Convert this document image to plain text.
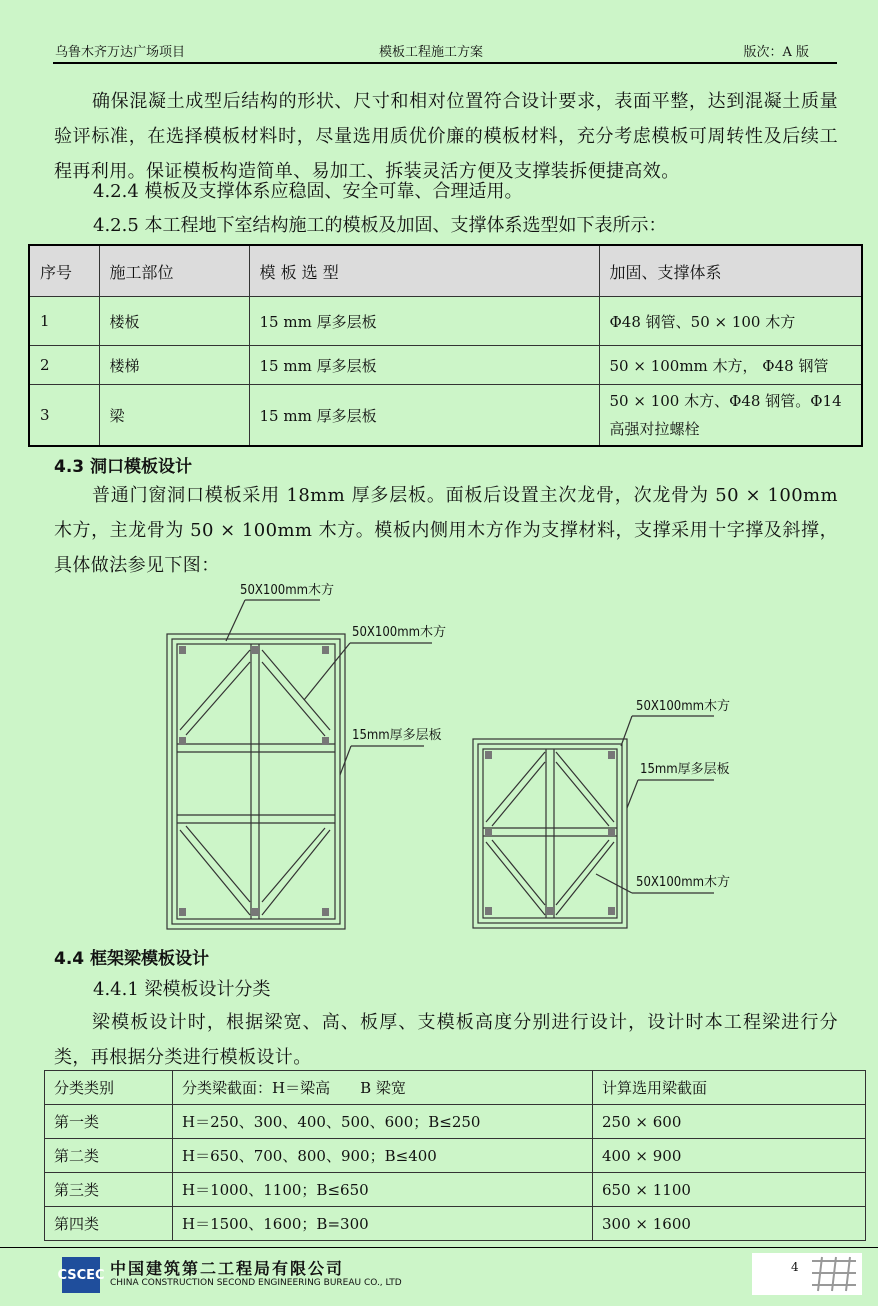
乌鲁木齐万达广场项目	模板工程施工方案	版次：A 版

确保混凝土成型后结构的形状、尺寸和相对位置符合设计要求，表面平整，达到混凝土质量验评标准，在选择模板材料时，尽量选用质优价廉的模板材料，充分考虑模板可周转性及后续工程再利用。保证模板构造简单、易加工、拆装灵活方便及支撑装拆便捷高效。

4.2.4 模板及支撑体系应稳固、安全可靠、合理适用。
4.2.5 本工程地下室结构施工的模板及加固、支撑体系选型如下表所示：
序号	施工部位	模 板 选 型	加固、支撑体系
1	楼板	15 mm 厚多层板	Φ48 钢管、50 × 100 木方
2	楼梯	15 mm 厚多层板	50 × 100mm 木方， Φ48 钢管
3	梁	15 mm 厚多层板	50 × 100 木方、Φ48 钢管。Φ14 高强对拉螺栓
4.3 洞口模板设计

普通门窗洞口模板采用 18mm 厚多层板。面板后设置主次龙骨，次龙骨为 50 × 100mm 木方，主龙骨为 50 × 100mm 木方。模板内侧用木方作为支撑材料，支撑采用十字撑及斜撑，具体做法参见下图：

50X100mm木方
50X100mm木方
15mm厚多层板
50X100mm木方
15mm厚多层板
50X100mm木方
4.4 框架梁模板设计
4.4.1 梁模板设计分类

梁模板设计时，根据梁宽、高、板厚、支模板高度分别进行设计，设计时本工程梁进行分类，再根据分类进行模板设计。

分类类别	分类梁截面：H＝梁高　　B 梁宽	计算选用梁截面
第一类	H＝250、300、400、500、600；B≤250	250 × 600
第二类	H＝650、700、800、900；B≤400	400 × 900
第三类	H＝1000、1100；B≤650	650 × 1100
第四类	H＝1500、1600；B=300	300 × 1600
CSCEC 中国建筑第二工程局有限公司
CHINA CONSTRUCTION SECOND ENGINEERING BUREAU CO., LTD
4
